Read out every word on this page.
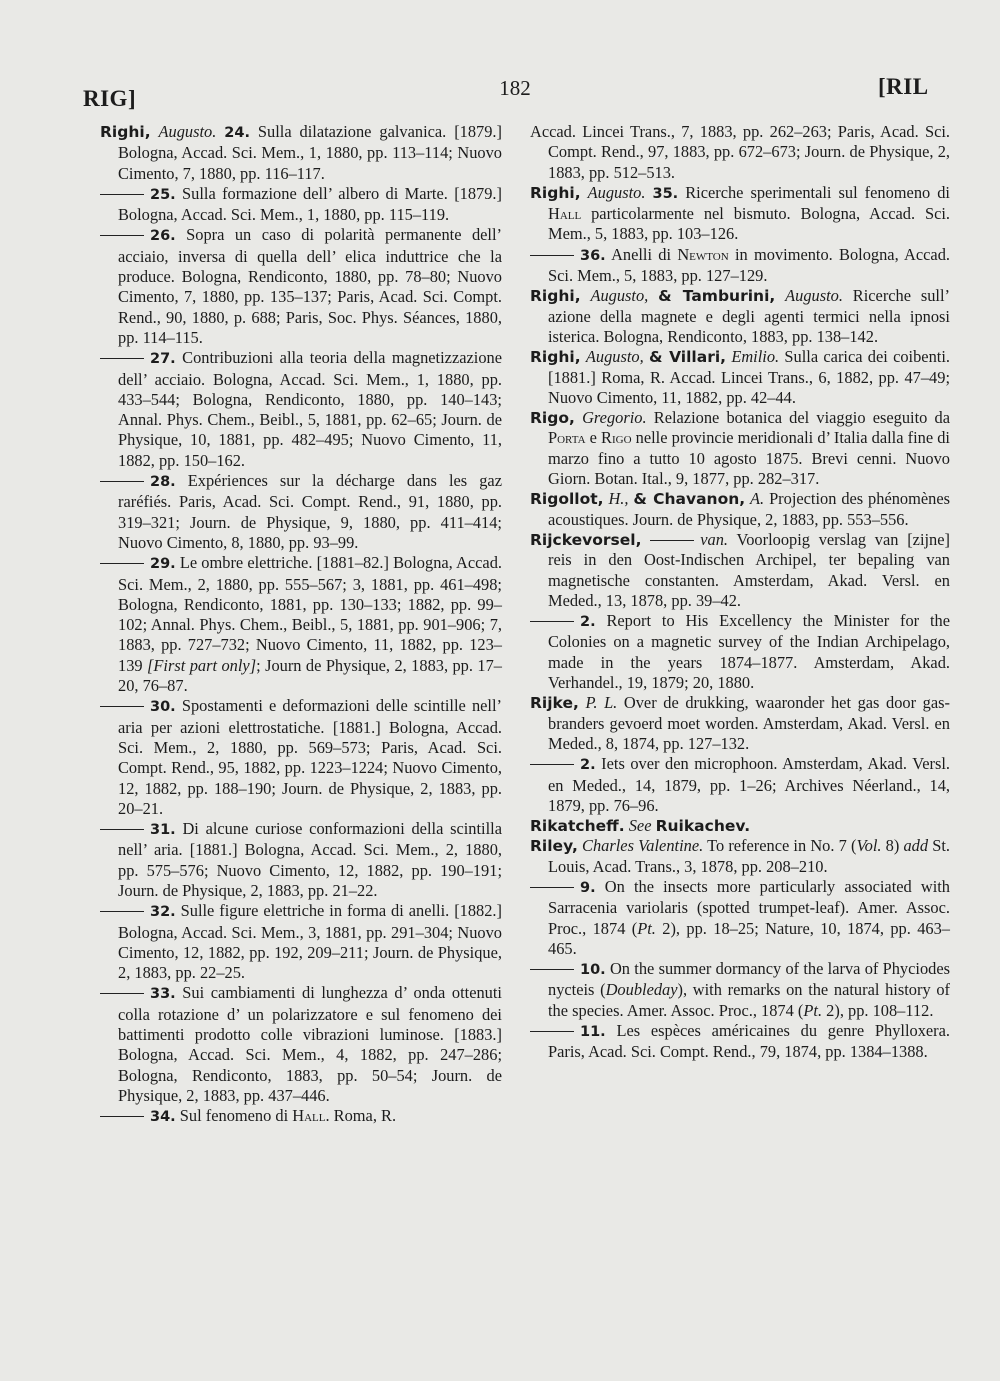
RIG]	182	[RIL
Righi, Augusto. 24. Sulla dilatazione galvanica. [1879.] Bologna, Accad. Sci. Mem., 1, 1880, pp. 113–114; Nuovo Cimento, 7, 1880, pp. 116–117.
25. Sulla formazione dell’ albero di Marte. [1879.] Bologna, Accad. Sci. Mem., 1, 1880, pp. 115–119.
26. Sopra un caso di polarità permanente dell’ acciaio, inversa di quella dell’ elica induttrice che la produce. Bologna, Rendiconto, 1880, pp. 78–80; Nuovo Cimento, 7, 1880, pp. 135–137; Paris, Acad. Sci. Compt. Rend., 90, 1880, p. 688; Paris, Soc. Phys. Séances, 1880, pp. 114–115.
27. Contribuzioni alla teoria della magnetizzazione dell’ acciaio. Bologna, Accad. Sci. Mem., 1, 1880, pp. 433–544; Bologna, Rendiconto, 1880, pp. 140–143; Annal. Phys. Chem., Beibl., 5, 1881, pp. 62–65; Journ. de Physique, 10, 1881, pp. 482–495; Nuovo Cimento, 11, 1882, pp. 150–162.
28. Expériences sur la décharge dans les gaz raréfiés. Paris, Acad. Sci. Compt. Rend., 91, 1880, pp. 319–321; Journ. de Physique, 9, 1880, pp. 411–414; Nuovo Cimento, 8, 1880, pp. 93–99.
29. Le ombre elettriche. [1881–82.] Bologna, Accad. Sci. Mem., 2, 1880, pp. 555–567; 3, 1881, pp. 461–498; Bologna, Rendiconto, 1881, pp. 130–133; 1882, pp. 99–102; Annal. Phys. Chem., Beibl., 5, 1881, pp. 901–906; 7, 1883, pp. 727–732; Nuovo Cimento, 11, 1882, pp. 123–139 [First part only]; Journ de Physique, 2, 1883, pp. 17–20, 76–87.
30. Spostamenti e deformazioni delle scintille nell’ aria per azioni elettrostatiche. [1881.] Bologna, Accad. Sci. Mem., 2, 1880, pp. 569–573; Paris, Acad. Sci. Compt. Rend., 95, 1882, pp. 1223–1224; Nuovo Cimento, 12, 1882, pp. 188–190; Journ. de Physique, 2, 1883, pp. 20–21.
31. Di alcune curiose conformazioni della scintilla nell’ aria. [1881.] Bologna, Accad. Sci. Mem., 2, 1880, pp. 575–576; Nuovo Cimento, 12, 1882, pp. 190–191; Journ. de Physique, 2, 1883, pp. 21–22.
32. Sulle figure elettriche in forma di anelli. [1882.] Bologna, Accad. Sci. Mem., 3, 1881, pp. 291–304; Nuovo Cimento, 12, 1882, pp. 192, 209–211; Journ. de Physique, 2, 1883, pp. 22–25.
33. Sui cambiamenti di lunghezza d’ onda ottenuti colla rotazione d’ un polarizzatore e sul fenomeno dei battimenti prodotto colle vibrazioni luminose. [1883.] Bologna, Accad. Sci. Mem., 4, 1882, pp. 247–286; Bologna, Rendiconto, 1883, pp. 50–54; Journ. de Physique, 2, 1883, pp. 437–446.
34. Sul fenomeno di Hall. Roma, R.
Accad. Lincei Trans., 7, 1883, pp. 262–263; Paris, Acad. Sci. Compt. Rend., 97, 1883, pp. 672–673; Journ. de Physique, 2, 1883, pp. 512–513.
Righi, Augusto. 35. Ricerche sperimentali sul fenomeno di Hall particolarmente nel bismuto. Bologna, Accad. Sci. Mem., 5, 1883, pp. 103–126.
36. Anelli di Newton in movimento. Bologna, Accad. Sci. Mem., 5, 1883, pp. 127–129.
Righi, Augusto, & Tamburini, Augusto. Ricerche sull’ azione della magnete e degli agenti termici nella ipnosi isterica. Bologna, Rendiconto, 1883, pp. 138–142.
Righi, Augusto, & Villari, Emilio. Sulla carica dei coibenti. [1881.] Roma, R. Accad. Lincei Trans., 6, 1882, pp. 47–49; Nuovo Cimento, 11, 1882, pp. 42–44.
Rigo, Gregorio. Relazione botanica del viaggio eseguito da Porta e Rigo nelle provincie meridionali d’ Italia dalla fine di marzo fino a tutto 10 agosto 1875. Brevi cenni. Nuovo Giorn. Botan. Ital., 9, 1877, pp. 282–317.
Rigollot, H., & Chavanon, A. Projection des phénomènes acoustiques. Journ. de Physique, 2, 1883, pp. 553–556.
Rijckevorsel,	van. Voorloopig verslag van [zijne] reis in den Oost-Indischen Archipel, ter bepaling van magnetische constanten. Amsterdam, Akad. Versl. en Meded., 13, 1878, pp. 39–42.
2. Report to His Excellency the Minister for the Colonies on a magnetic survey of the Indian Archipelago, made in the years 1874–1877. Amsterdam, Akad. Verhandel., 19, 1879; 20, 1880.
Rijke, P. L. Over de drukking, waaronder het gas door gas-branders gevoerd moet worden. Amsterdam, Akad. Versl. en Meded., 8, 1874, pp. 127–132.
2. Iets over den microphoon. Amsterdam, Akad. Versl. en Meded., 14, 1879, pp. 1–26; Archives Néerland., 14, 1879, pp. 76–96.
Rikatcheff. See Ruikachev.
Riley, Charles Valentine. To reference in No. 7 (Vol. 8) add St. Louis, Acad. Trans., 3, 1878, pp. 208–210.
9. On the insects more particularly associated with Sarracenia variolaris (spotted trumpet-leaf). Amer. Assoc. Proc., 1874 (Pt. 2), pp. 18–25; Nature, 10, 1874, pp. 463–465.
10. On the summer dormancy of the larva of Phyciodes nycteis (Doubleday), with remarks on the natural history of the species. Amer. Assoc. Proc., 1874 (Pt. 2), pp. 108–112.
11. Les espèces américaines du genre Phylloxera. Paris, Acad. Sci. Compt. Rend., 79, 1874, pp. 1384–1388.
